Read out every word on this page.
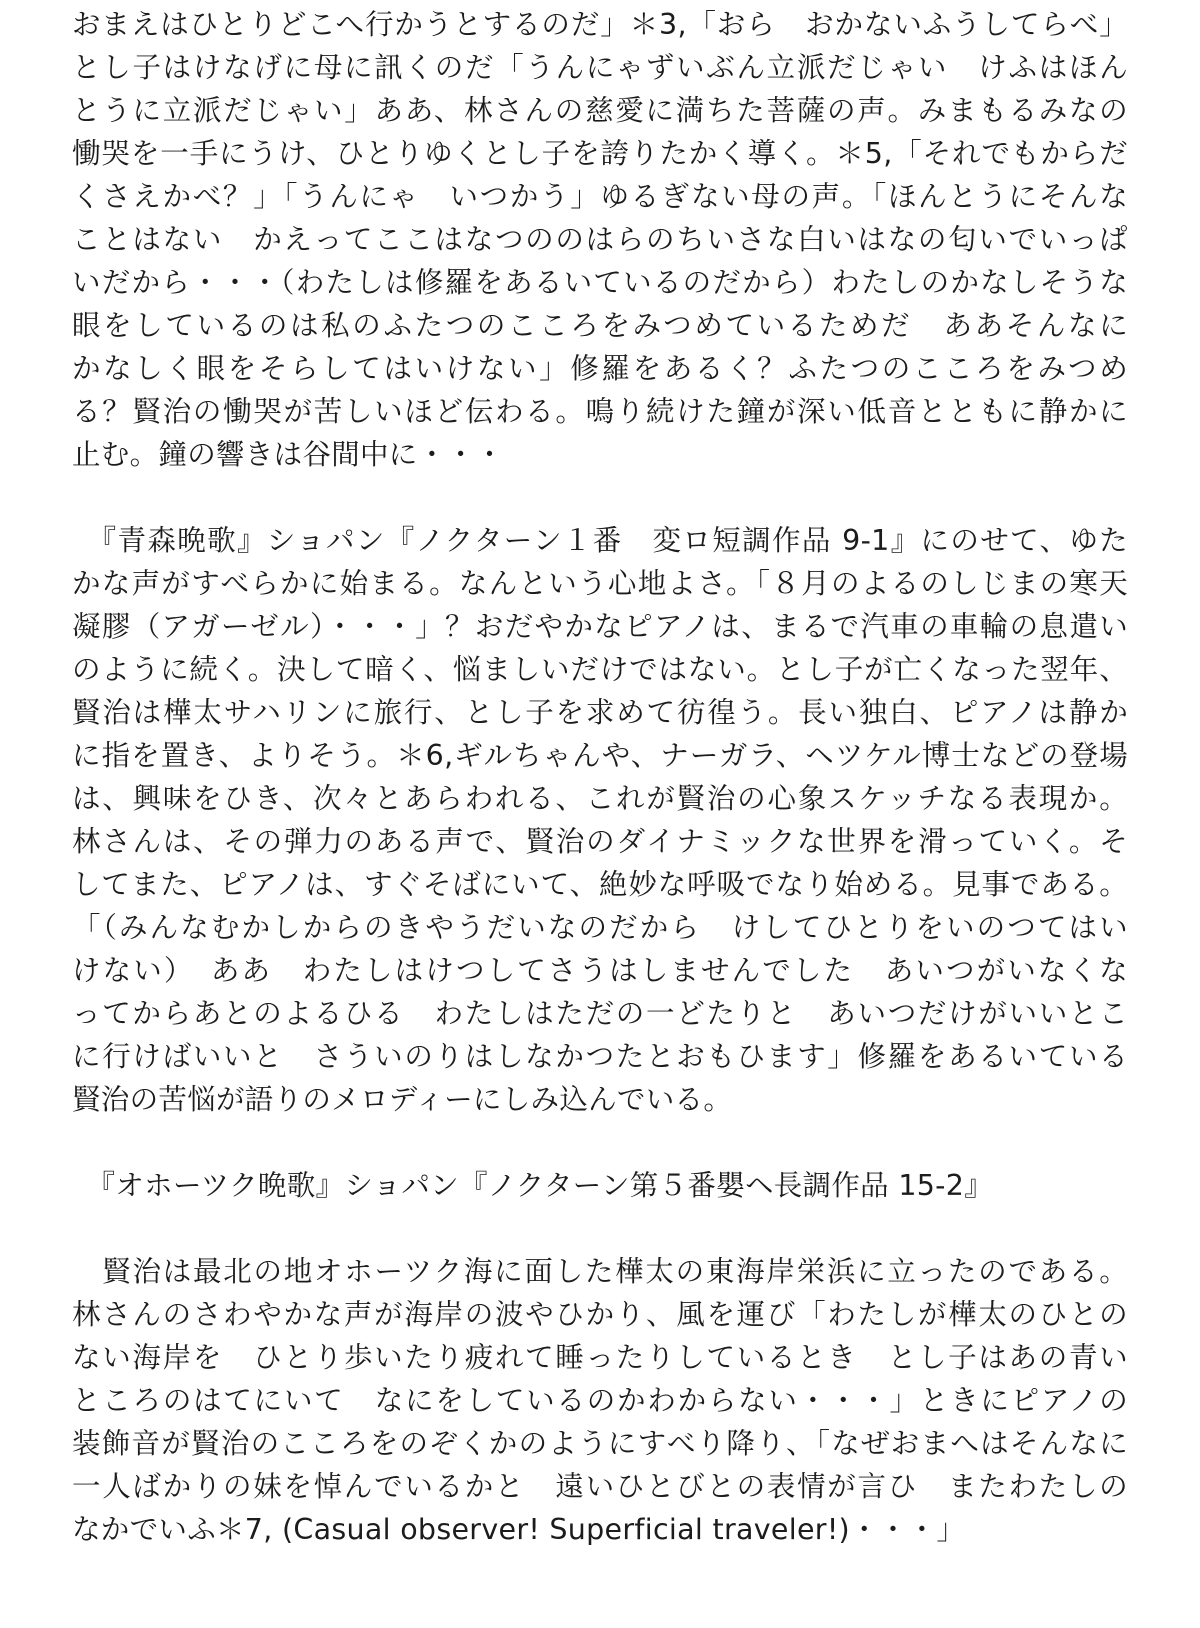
おまえはひとりどこへ行かうとするのだ」＊3,「おら　おかないふうしてらべ」
とし子はけなげに母に訊くのだ「うんにゃずいぶん立派だじゃい　けふはほん
とうに立派だじゃい」ああ、林さんの慈愛に満ちた菩薩の声。みまもるみなの
慟哭を一手にうけ、ひとりゆくとし子を誇りたかく導く。＊5,「それでもからだ
くさえかべ？」「うんにゃ　いつかう」ゆるぎない母の声。「ほんとうにそんな
ことはない　かえってここはなつののはらのちいさな白いはなの匂いでいっぱ
いだから・・・（わたしは修羅をあるいているのだから）わたしのかなしそうな
眼をしているのは私のふたつのこころをみつめているためだ　ああそんなに
かなしく眼をそらしてはいけない」修羅をあるく？ふたつのこころをみつめ
る？賢治の慟哭が苦しいほど伝わる。鳴り続けた鐘が深い低音とともに静かに
止む。鐘の響きは谷間中に・・・

　『青森晩歌』ショパン『ノクターン１番　変ロ短調作品 9-1』にのせて、ゆた
かな声がすべらかに始まる。なんという心地よさ。「８月のよるのしじまの寒天
凝膠（アガーゼル）・・・」？おだやかなピアノは、まるで汽車の車輪の息遣い
のように続く。決して暗く、悩ましいだけではない。とし子が亡くなった翌年、
賢治は樺太サハリンに旅行、とし子を求めて彷徨う。長い独白、ピアノは静か
に指を置き、よりそう。＊6,ギルちゃんや、ナーガラ、ヘツケル博士などの登場
は、興味をひき、次々とあらわれる、これが賢治の心象スケッチなる表現か。
林さんは、その弾力のある声で、賢治のダイナミックな世界を滑っていく。そ
してまた、ピアノは、すぐそばにいて、絶妙な呼吸でなり始める。見事である。
「（みんなむかしからのきやうだいなのだから　けしてひとりをいのつてはい
けない）　ああ　わたしはけつしてさうはしませんでした　あいつがいなくな
ってからあとのよるひる　わたしはただの一どたりと　あいつだけがいいとこ
に行けばいいと　さういのりはしなかつたとおもひます」修羅をあるいている
賢治の苦悩が語りのメロディーにしみ込んでいる。

　『オホーツク晩歌』ショパン『ノクターン第５番嬰ヘ長調作品 15-2』

　賢治は最北の地オホーツク海に面した樺太の東海岸栄浜に立ったのである。
林さんのさわやかな声が海岸の波やひかり、風を運び「わたしが樺太のひとの
ない海岸を　ひとり歩いたり疲れて睡ったりしているとき　とし子はあの青い
ところのはてにいて　なにをしているのかわからない・・・」ときにピアノの
装飾音が賢治のこころをのぞくかのようにすべり降り、「なぜおまへはそんなに
一人ばかりの妹を悼んでいるかと　遠いひとびとの表情が言ひ　またわたしの
なかでいふ＊7, (Casual observer! Superficial traveler!)・・・」
